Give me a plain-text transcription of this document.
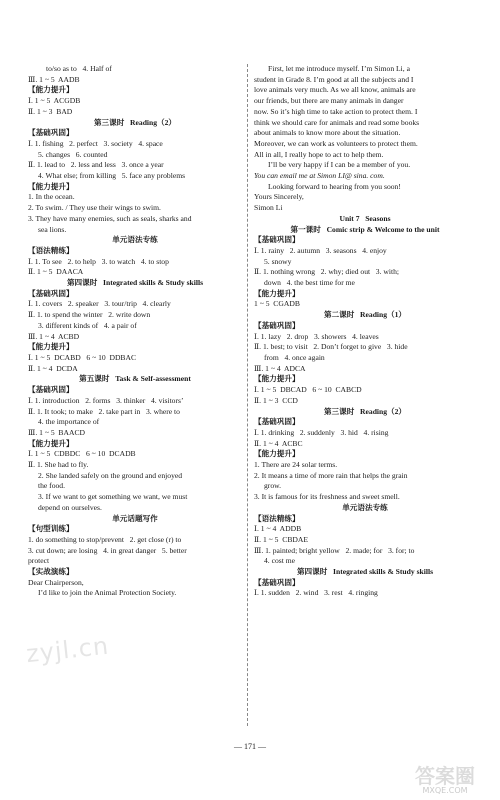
to/so as to   4. Half of
Ⅲ. 1 ~ 5  AADB
【能力提升】
Ⅰ. 1 ~ 5  ACGDB
Ⅱ. 1 ~ 3  BAD
第三课时   Reading（2）
【基础巩固】
Ⅰ. 1. fishing   2. perfect   3. society   4. space
5. changes   6. counted
Ⅱ. 1. lead to   2. less and less   3. once a year
4. What else; from killing   5. face any problems
【能力提升】
1. In the ocean.
2. To swim. / They use their wings to swim.
3. They have many enemies, such as seals, sharks and
sea lions.
单元语法专练
【语法精练】
Ⅰ. 1. To see   2. to help   3. to watch   4. to stop
Ⅱ. 1 ~ 5  DAACA
第四课时   Integrated skills & Study skills
【基础巩固】
Ⅰ. 1. covers   2. speaker   3. tour/trip   4. clearly
Ⅱ. 1. to spend the winter   2. write down
3. different kinds of   4. a pair of
Ⅲ. 1 ~ 4  ACBD
【能力提升】
Ⅰ. 1 ~ 5  DCABD   6 ~ 10  DDBAC
Ⅱ. 1 ~ 4  DCDA
第五课时   Task & Self-assessment
【基础巩固】
Ⅰ. 1. introduction   2. forms   3. thinker   4. visitors’
Ⅱ. 1. It took; to make   2. take part in   3. where to
4. the importance of
Ⅲ. 1 ~ 5  BAACD
【能力提升】
Ⅰ. 1 ~ 5  CDBDC   6 ~ 10  DCADB
Ⅱ. 1. She had to fly.
2. She landed safely on the ground and enjoyed
the food.
3. If we want to get something we want, we must
depend on ourselves.
单元话题写作
【句型训练】
1. do something to stop/prevent   2. get close (r) to
3. cut down; are losing   4. in great danger   5. better
protect
【实战演练】
Dear Chairperson,
I’d like to join the Animal Protection Society.
First, let me introduce myself. I’m Simon Li, a
student in Grade 8. I’m good at all the subjects and I
love animals very much. As we all know, animals are
our friends, but there are many animals in danger
now. So it’s high time to take action to protect them. I
think we should care for animals and read some books
about animals to know more about the situation.
Moreover, we can work as volunteers to protect them.
All in all, I really hope to act to help them.
I’ll be very happy if I can be a member of you.
You can email me at Simon LI@ sina. com.
Looking forward to hearing from you soon!
Yours Sincerely,
Simon Li
Unit 7   Seasons
第一课时   Comic strip & Welcome to the unit
【基础巩固】
Ⅰ. 1. rainy   2. autumn   3. seasons   4. enjoy
5. snowy
Ⅱ. 1. nothing wrong   2. why; died out   3. with;
down   4. the best time for me
【能力提升】
1 ~ 5  CGADB
第二课时   Reading（1）
【基础巩固】
Ⅰ. 1. lazy   2. drop   3. showers   4. leaves
Ⅱ. 1. best; to visit   2. Don’t forget to give   3. hide
from   4. once again
Ⅲ. 1 ~ 4  ADCA
【能力提升】
Ⅰ. 1 ~ 5  DBCAD   6 ~ 10  CABCD
Ⅱ. 1 ~ 3  CCD
第三课时   Reading（2）
【基础巩固】
Ⅰ. 1. drinking   2. suddenly   3. hid   4. rising
Ⅱ. 1 ~ 4  ACBC
【能力提升】
1. There are 24 solar terms.
2. It means a time of more rain that helps the grain
grow.
3. It is famous for its freshness and sweet smell.
单元语法专练
【语法精练】
Ⅰ. 1 ~ 4  ADDB
Ⅱ. 1 ~ 5  CBDAE
Ⅲ. 1. painted; bright yellow   2. made; for   3. for; to
4. cost me
第四课时   Integrated skills & Study skills
【基础巩固】
Ⅰ. 1. sudden   2. wind   3. rest   4. ringing
— 171 —
zyjl.cn
答案圈
MXQE.COM
